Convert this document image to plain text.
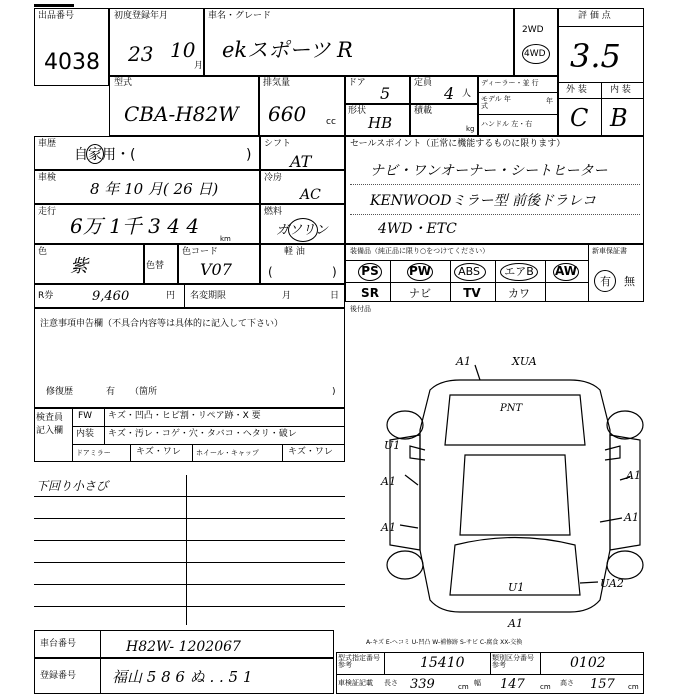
出品番号
4038
初度登録年月
23 10
月
車名・グレード
ekスポーツ R
2WD
4WD
評 価 点
3.5
外 装	内 装
C B
型式
CBA-H82W
排気量
660 cc
ドア
5
定員
4 人
ディーラー・並 行
モデル 年式
年
ハンドル 左・右
形状
HB
積載
kg
車歴
自家用・(	)
シフト
AT
車検
8 年 10 月( 26 日)
冷房
AC
走行
6万 1千 3 4 4
km
燃料
ガソリン
色
紫	色替
色コード
V07
軽 油
(	)
R券	9,460	円 名変期限	月	日
セールスポイント（正常に機能するものに限ります）
ナビ・ワンオーナー・シートヒーター
KENWOODミラー型 前後ドラレコ
4WD・ETC
装備品（純正品に限り○をつけてください）	新車保証書
有 無
PS	PW	ABS	エアB AW
SR	ナビ	TV	カワ
後付品
注意事項申告欄（不具合内容等は具体的に記入して下さい）
修復歴	有 （箇所	)
検査員 記入欄
FW キズ・凹凸・ヒビ割・リペア跡・X 要
内装 キズ・汚レ・コゲ・穴・タバコ・ヘタリ・破レ
ドアミラー	キズ・ワレ ホイール・キャップ	キズ・ワレ
下回り小さび
A1	XUA
PNT
U1
A1
A1
A1
A1
U1	UA2
A1
A-キズ E-ヘコミ U-凹凸 W-補修跡 S-サビ C-腐食 XX-交換
車台番号	H82W- 1202067
登録番号 福山 5 8 6 ぬ . . 5 1
型式指定番号 参考	15410	類別区分番号 参考	0102
車検証記載 長さ 339	cm 幅 147 cm 高さ 157 cm
